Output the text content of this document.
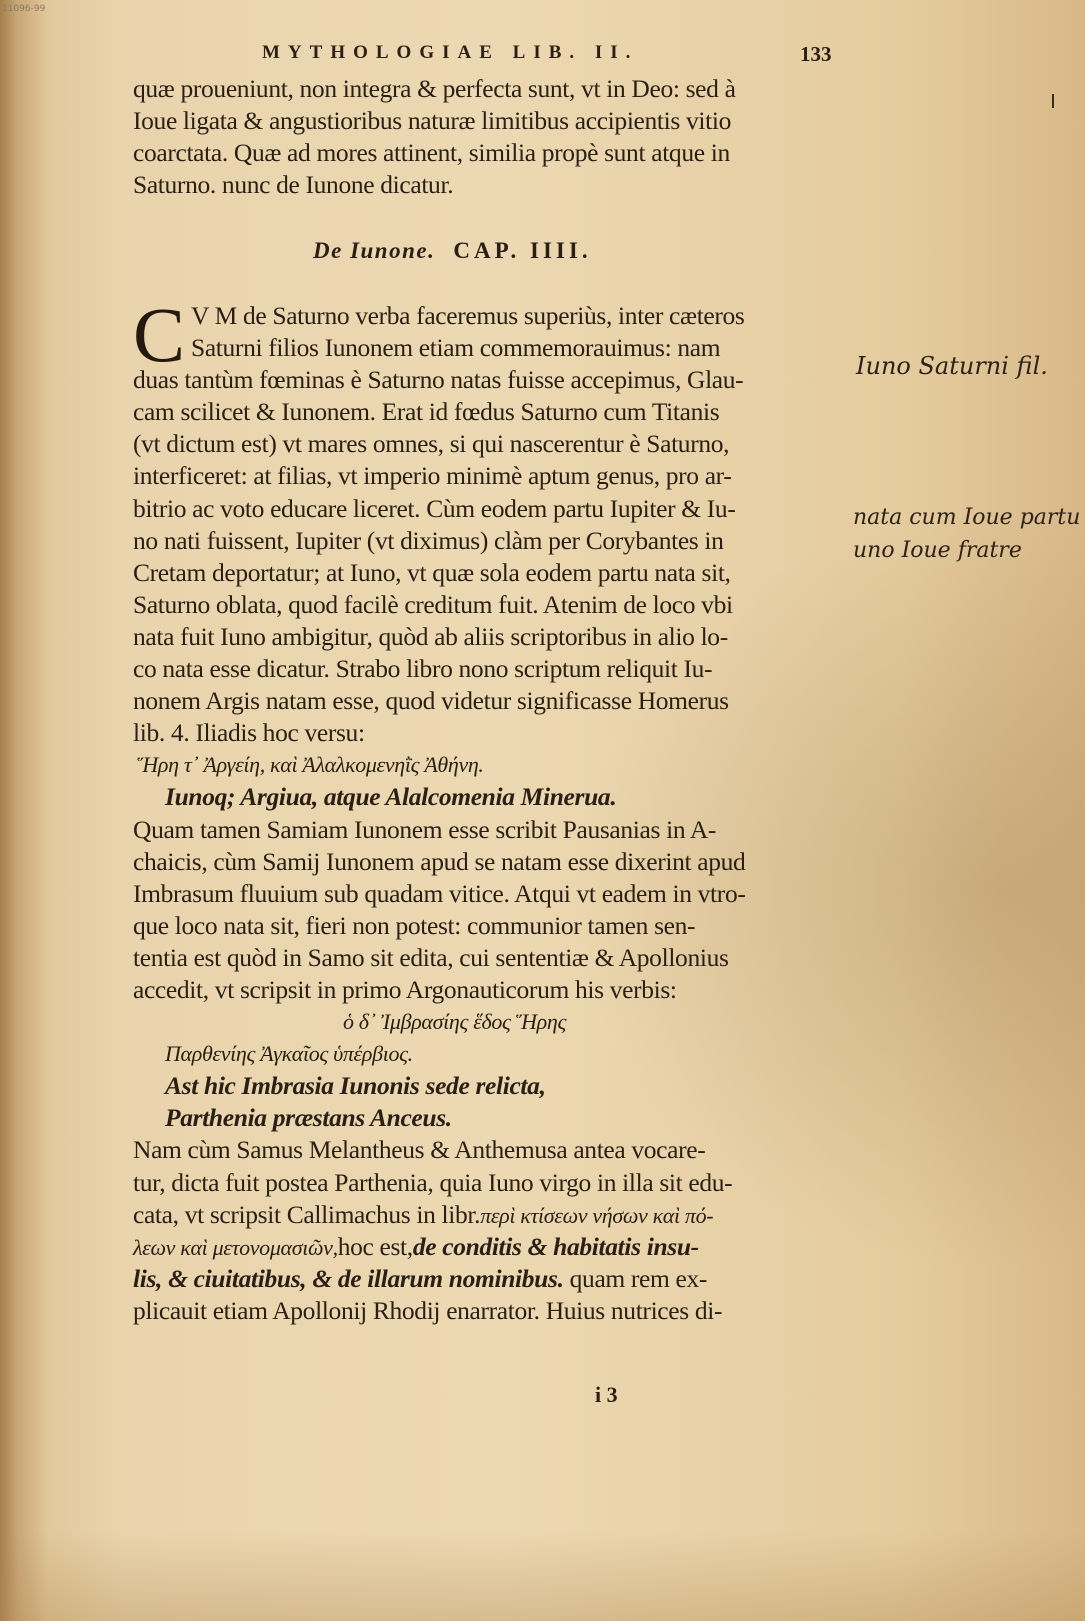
11096-99
MYTHOLOGIAE LIB. II.	133
quæ proueniunt, non integra & perfecta sunt, vt in Deo: sed à
Ioue ligata & angustioribus naturæ limitibus accipientis vitio
coarctata. Quæ ad mores attinent, similia propè sunt atque in
Saturno. nunc de Iunone dicatur.
De Iunone. CAP. IIII.
C V M de Saturno verba faceremus superiùs, inter cæteros
Saturni filios Iunonem etiam commemorauimus: nam
duas tantùm fœminas è Saturno natas fuisse accepimus, Glau-
cam scilicet & Iunonem. Erat id fœdus Saturno cum Titanis
(vt dictum est) vt mares omnes, si qui nascerentur è Saturno,
interficeret: at filias, vt imperio minimè aptum genus, pro ar-
bitrio ac voto educare liceret. Cùm eodem partu Iupiter & Iu-
no nati fuissent, Iupiter (vt diximus) clàm per Corybantes in
Cretam deportatur; at Iuno, vt quæ sola eodem partu nata sit,
Saturno oblata, quod facilè creditum fuit. Atenim de loco vbi
nata fuit Iuno ambigitur, quòd ab aliis scriptoribus in alio lo-
co nata esse dicatur. Strabo libro nono scriptum reliquit Iu-
nonem Argis natam esse, quod videtur significasse Homerus
lib. 4. Iliadis hoc versu:
Ἥρη τ᾽ Ἀργείη, καὶ Ἀλαλκομενηῒς Ἀθήνη.
Iunoq; Argiua, atque Alalcomenia Minerua.
Quam tamen Samiam Iunonem esse scribit Pausanias in A-
chaicis, cùm Samij Iunonem apud se natam esse dixerint apud
Imbrasum fluuium sub quadam vitice. Atqui vt eadem in vtro-
que loco nata sit, fieri non potest: communior tamen sen-
tentia est quòd in Samo sit edita, cui sententiæ & Apollonius
accedit, vt scripsit in primo Argonauticorum his verbis:
ὁ δ᾽ Ἰμβρασίης ἕδος Ἥρης
Παρθενίης Ἀγκαῖος ὑπέρβιος.
Ast hic Imbrasia Iunonis sede relicta,
Parthenia præstans Anceus.
Nam cùm Samus Melantheus & Anthemusa antea vocare-
tur, dicta fuit postea Parthenia, quia Iuno virgo in illa sit edu-
cata, vt scripsit Callimachus in libr.περὶ κτίσεων νήσων καὶ πό-
λεων καὶ μετονομασιῶν,hoc est,de conditis & habitatis insu-
lis, & ciuitatibus, & de illarum nominibus. quam rem ex-
plicauit etiam Apollonij Rhodij enarrator. Huius nutrices di-
i 3
Iuno Saturni fil.
nata cum Ioue partu
uno Ioue fratre
